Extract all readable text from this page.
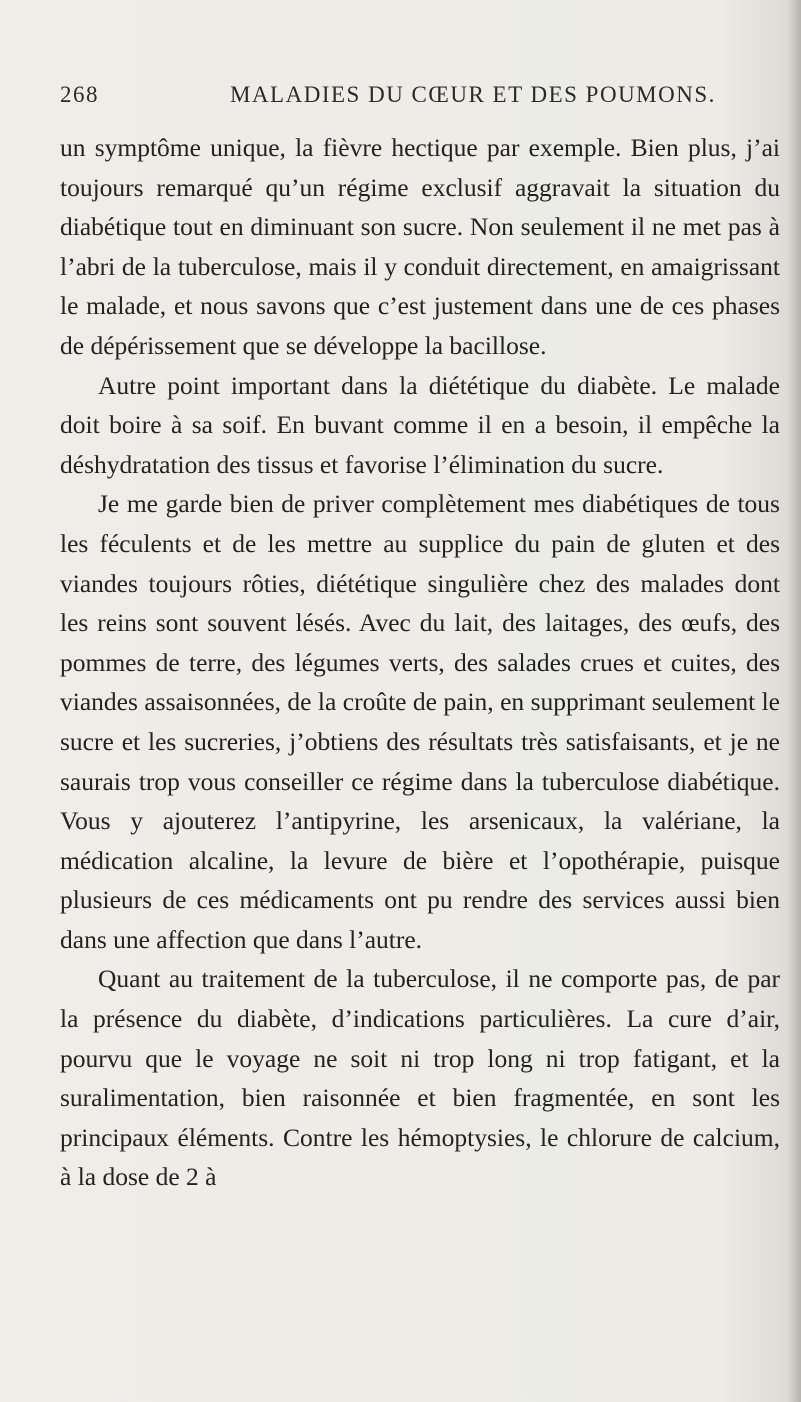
268	MALADIES DU CŒUR ET DES POUMONS.

un symptôme unique, la fièvre hectique par exemple. Bien plus, j’ai toujours remarqué qu’un régime exclusif aggravait la situation du diabétique tout en diminuant son sucre. Non seulement il ne met pas à l’abri de la tuberculose, mais il y conduit directement, en amaigrissant le malade, et nous savons que c’est justement dans une de ces phases de dépérissement que se développe la bacillose.

Autre point important dans la diététique du diabète. Le malade doit boire à sa soif. En buvant comme il en a besoin, il empêche la déshydratation des tissus et favorise l’élimination du sucre.

Je me garde bien de priver complètement mes diabétiques de tous les féculents et de les mettre au supplice du pain de gluten et des viandes toujours rôties, diététique singulière chez des malades dont les reins sont souvent lésés. Avec du lait, des laitages, des œufs, des pommes de terre, des légumes verts, des salades crues et cuites, des viandes assaisonnées, de la croûte de pain, en supprimant seulement le sucre et les sucreries, j’obtiens des résultats très satisfaisants, et je ne saurais trop vous conseiller ce régime dans la tuberculose diabétique. Vous y ajouterez l’antipyrine, les arsenicaux, la valériane, la médication alcaline, la levure de bière et l’opothérapie, puisque plusieurs de ces médicaments ont pu rendre des services aussi bien dans une affection que dans l’autre.

Quant au traitement de la tuberculose, il ne comporte pas, de par la présence du diabète, d’indications particulières. La cure d’air, pourvu que le voyage ne soit ni trop long ni trop fatigant, et la suralimentation, bien raisonnée et bien fragmentée, en sont les principaux éléments. Contre les hémoptysies, le chlorure de calcium, à la dose de 2 à
